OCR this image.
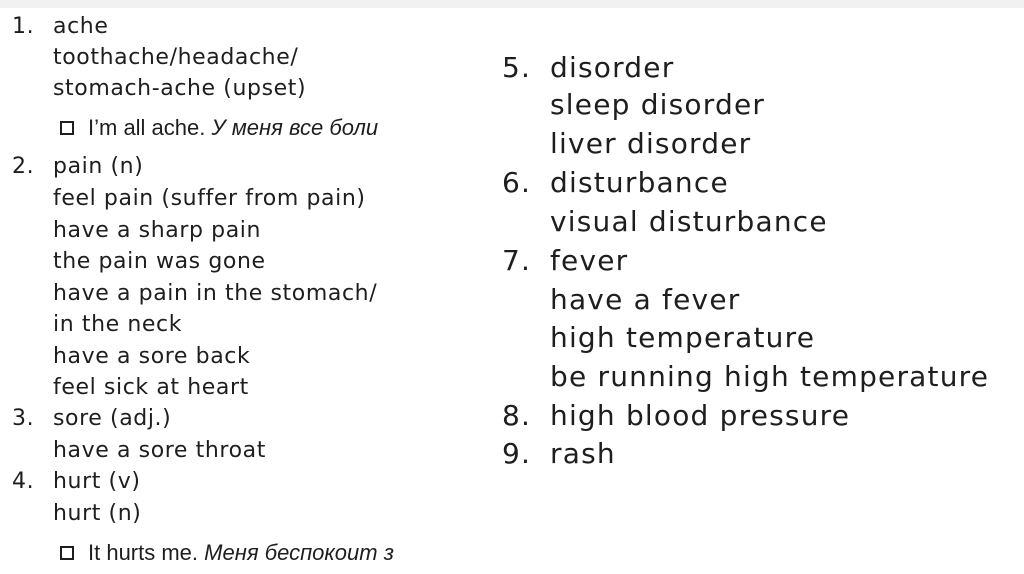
1. ache
toothache/headache/
stomach-ache (upset)
I’m all ache. У меня все боли
2. pain (n)
feel pain (suffer from pain)
have a sharp pain
the pain was gone
have a pain in the stomach/
in the neck
have a sore back
feel sick at heart
3. sore (adj.)
have a sore throat
4. hurt (v)
hurt (n)
It hurts me. Меня беспокоит з
5. disorder
sleep disorder
liver disorder
6. disturbance
visual disturbance
7. fever
have a fever
high temperature
be running high temperature
8. high blood pressure
9. rash
